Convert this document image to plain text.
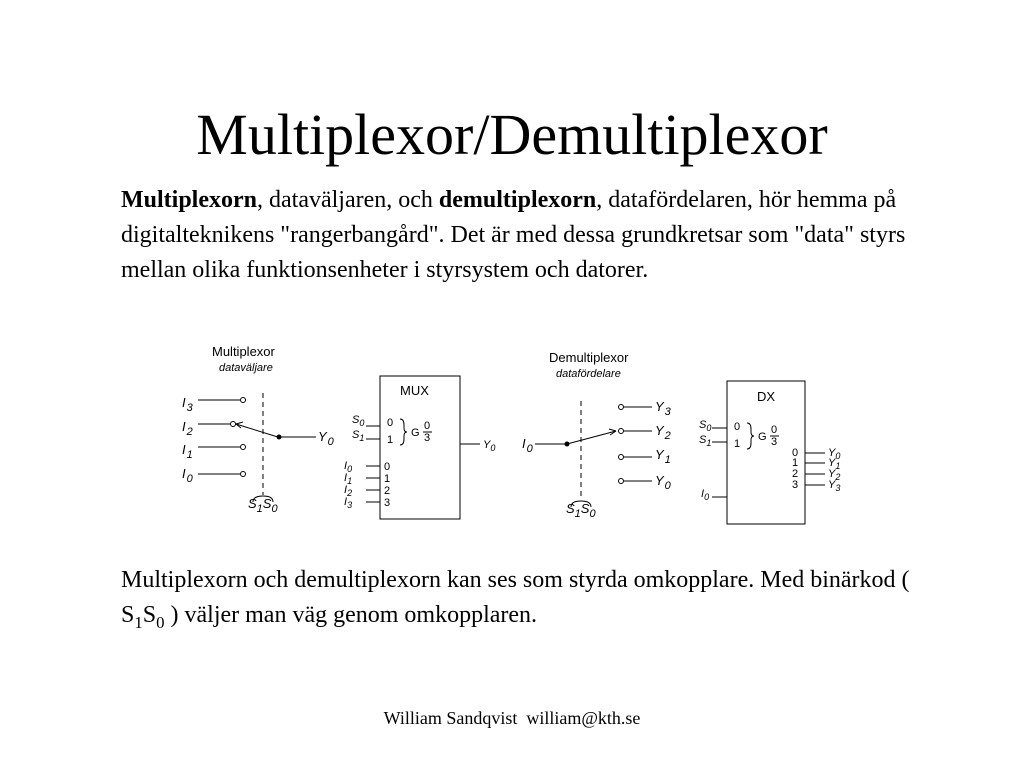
Multiplexor/Demultiplexor
Multiplexorn, dataväljaren, och demultiplexorn, datafördelaren, hör hemma på digitalteknikens "rangerbangård". Det är med dessa grundkretsar som "data" styrs mellan olika funktionsenheter i styrsystem och datorer.
Multiplexor
dataväljare
$I_3$
$I_2$
$I_1$
$I_0$
$Y_0$
$S_1S_0$
MUX
$S_0$
$S_1$
0
1
G
0
3
$I_0$
$I_1$
$I_2$
$I_3$
0
1
2
3
$Y_0$
Demultiplexor
datafördelare
$I_0$
$Y_3$
$Y_2$
$Y_1$
$Y_0$
$S_1S_0$
DX
$S_0$
$S_1$
0
1
G
0
3
0
1
2
3
$Y_0$
$Y_1$
$Y_2$
$Y_3$
$I_0$
Multiplexorn och demultiplexorn kan ses som styrda omkopplare. Med binärkod ( $S_1S_0$ ) väljer man väg genom omkopplaren.
William Sandqvist  william@kth.se
